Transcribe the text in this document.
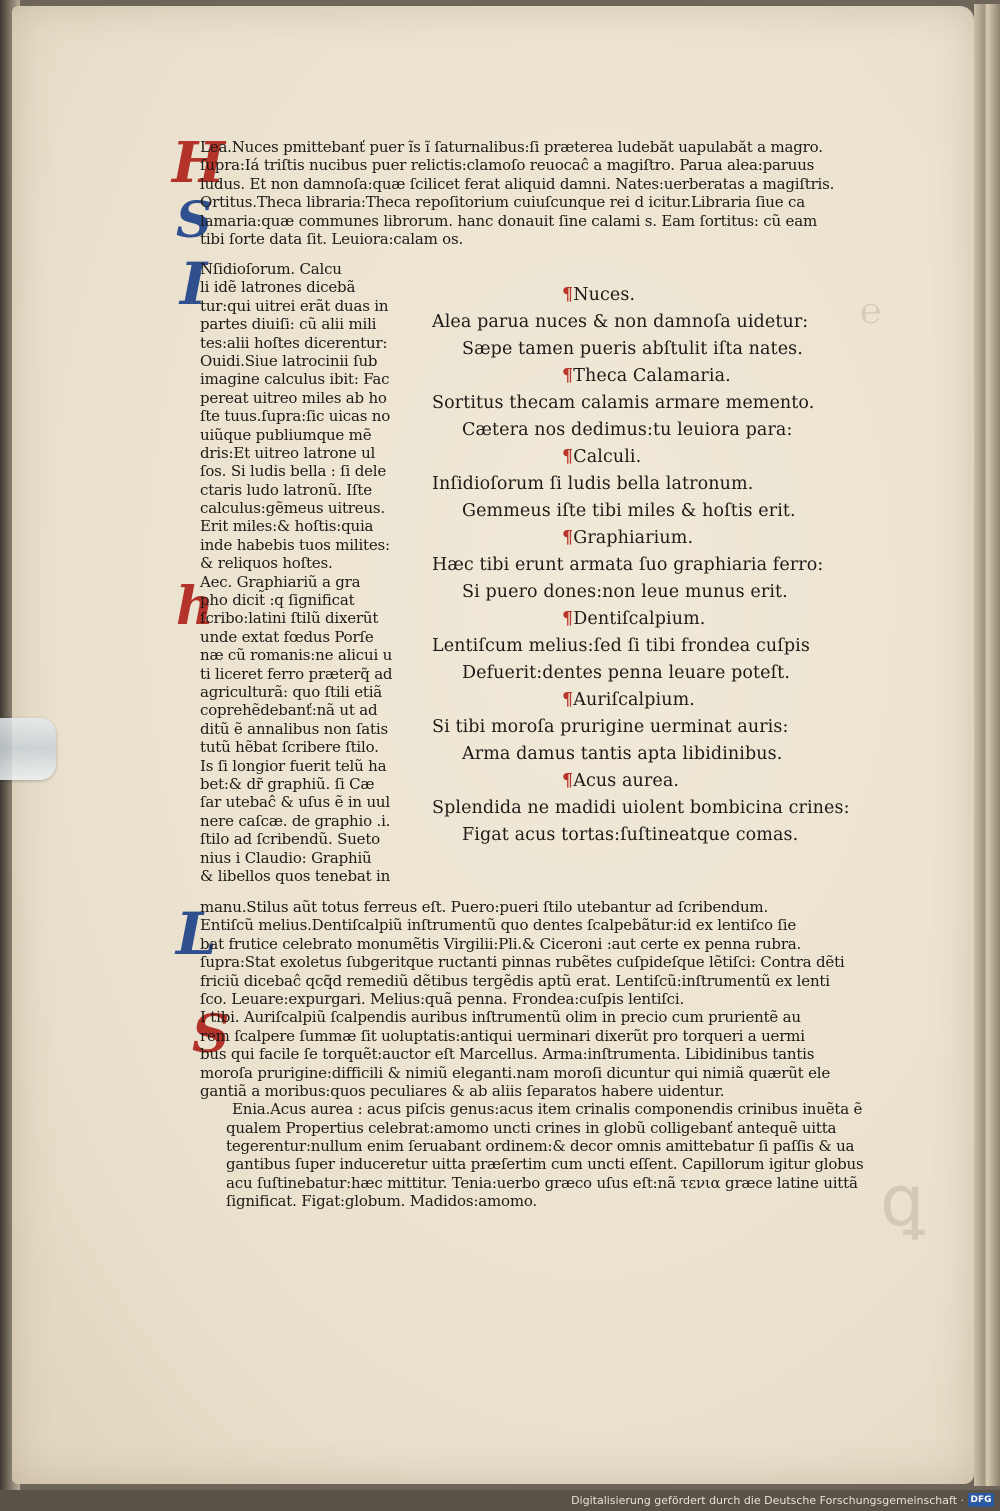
℮
ꝗ
H
S
I
h
L
S
Lea.Nuces pmittebanť puer ĩs ĩ ſaturnalibus:ſi præterea ludebăt uapulabăt a magro.
ſupra:Iá triſtis nucibus puer relictis:clamoſo reuocaĉ a magiſtro. Parua alea:paruus
ludus. Et non damnoſa:quæ ſcilicet ferat aliquid damni. Nates:uerberatas a magiſtris.
Ortitus.Theca libraria:Theca repoſitorium cuiuſcunque rei d icitur.Libraria ſiue ca
lamaria:quæ communes librorum. hanc donauit ſine calami s. Eam ſortitus: cũ eam
tibi ſorte data ſit. Leuiora:calam os.
Nſidioſorum. Calcu
li idẽ latrones dicebã
tur:qui uitrei erãt duas in
partes diuiſi: cũ alii mili
tes:alii hoſtes dicerentur:
Ouidi.Siue latrocinii ſub
imagine calculus ibit: Fac
pereat uitreo miles ab ho
ſte tuus.ſupra:ſic uicas no
uiũque publiumque mẽ
dris:Et uitreo latrone ul
ſos. Si ludis bella : ſi dele
ctaris ludo latronũ. Iſte
calculus:gẽmeus uitreus.
Erit miles:& hoſtis:quia
inde habebis tuos milites:
& reliquos hoſtes.
Aec. Graphiariũ a gra
pho dicit̃ :q ſignificat
ſcribo:latini ſtilũ dixerũt
unde extat fœdus Porſe
næ cũ romanis:ne alicui u
ti liceret ferro præterq̃ ad
agriculturã: quo ſtili etiã
coprehẽdebanť:nã ut ad
ditũ ẽ annalibus non ſatis
tutũ hẽbat ſcribere ſtilo.
Is ſi longior fuerit telũ ha
bet:& dr̃ graphiũ. ſi Cæ
ſar utebaĉ & uſus ẽ in uul
nere caſcæ. de graphio .i.
ſtilo ad ſcribendũ. Sueto
nius i Claudio: Graphiũ
& libellos quos tenebat in
¶Nuces.
Alea parua nuces & non damnoſa uidetur:
Sæpe tamen pueris abſtulit iſta nates.
¶Theca Calamaria.
Sortitus thecam calamis armare memento.
Cætera nos dedimus:tu leuiora para:
¶Calculi.
Inſidioſorum ſi ludis bella latronum.
Gemmeus iſte tibi miles & hoſtis erit.
¶Graphiarium.
Hæc tibi erunt armata ſuo graphiaria ferro:
Si puero dones:non leue munus erit.
¶Dentiſcalpium.
Lentiſcum melius:ſed ſi tibi frondea cuſpis
Defuerit:dentes penna leuare poteſt.
¶Auriſcalpium.
Si tibi moroſa prurigine uerminat auris:
Arma damus tantis apta libidinibus.
¶Acus aurea.
Splendida ne madidi uiolent bombicina crines:
Figat acus tortas:ſuſtineatque comas.
manu.Stilus aũt totus ferreus eſt. Puero:pueri ſtilo utebantur ad ſcribendum.
Entiſcũ melius.Dentiſcalpiũ inſtrumentũ quo dentes ſcalpebãtur:id ex lentiſco ſie
bat frutice celebrato monumẽtis Virgilii:Pli.& Ciceroni :aut certe ex penna rubra.
ſupra:Stat exoletus ſubgeritque ructanti pinnas rubẽtes cuſpideſque lẽtiſci: Contra dẽti
friciũ dicebaĉ qcq̃d remediũ dẽtibus tergẽdis aptũ erat. Lentiſcũ:inſtrumentũ ex lenti
ſco. Leuare:expurgari. Melius:quã penna. Frondea:cuſpis lentiſci.
I tibi. Auriſcalpiũ ſcalpendis auribus inſtrumentũ olim in precio cum prurientẽ au
rem ſcalpere ſummæ ſit uoluptatis:antiqui uerminari dixerũt pro torqueri a uermi
bus qui facile ſe torquẽt:auctor eſt Marcellus. Arma:inſtrumenta. Libidinibus tantis
moroſa prurigine:difficili & nimiũ eleganti.nam moroſi dicuntur qui nimiã quærũt ele
gantiã a moribus:quos peculiares & ab aliis ſeparatos habere uidentur.
Enia.Acus aurea : acus piſcis genus:acus item crinalis componendis crinibus inuẽta ẽ
qualem Propertius celebrat:amomo uncti crines in globũ colligebanť antequẽ uitta
tegerentur:nullum enim ſeruabant ordinem:& decor omnis amittebatur ſi paſſis & ua
gantibus ſuper induceretur uitta præſertim cum uncti eſſent. Capillorum igitur globus
acu ſuſtinebatur:hæc mittitur. Tenia:uerbo græco uſus eſt:nã τενια græce latine uittã
ſignificat. Figat:globum. Madidos:amomo.
Digitalisierung gefördert durch die Deutsche Forschungsgemeinschaft · DFG
